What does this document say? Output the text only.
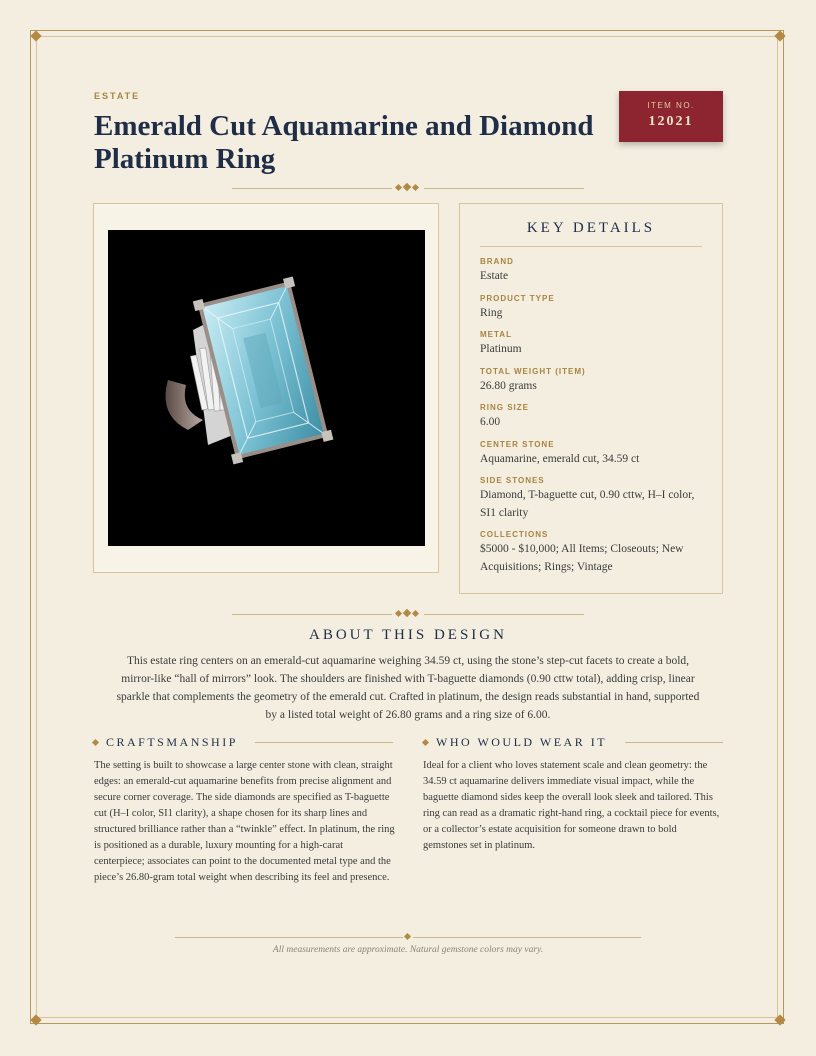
ESTATE
Emerald Cut Aquamarine and Diamond Platinum Ring
ITEM NO.
12021
KEY DETAILS
BRAND
Estate
PRODUCT TYPE
Ring
METAL
Platinum
TOTAL WEIGHT (ITEM)
26.80 grams
RING SIZE
6.00
CENTER STONE
Aquamarine, emerald cut, 34.59 ct
SIDE STONES
Diamond, T-baguette cut, 0.90 cttw, H–I color, SI1 clarity
COLLECTIONS
$5000 - $10,000; All Items; Closeouts; New Acquisitions; Rings; Vintage
ABOUT THIS DESIGN
This estate ring centers on an emerald-cut aquamarine weighing 34.59 ct, using the stone’s step-cut facets to create a bold, mirror-like “hall of mirrors” look. The shoulders are finished with T-baguette diamonds (0.90 cttw total), adding crisp, linear sparkle that complements the geometry of the emerald cut. Crafted in platinum, the design reads substantial in hand, supported by a listed total weight of 26.80 grams and a ring size of 6.00.
CRAFTSMANSHIP
The setting is built to showcase a large center stone with clean, straight edges: an emerald-cut aquamarine benefits from precise alignment and secure corner coverage. The side diamonds are specified as T-baguette cut (H–I color, SI1 clarity), a shape chosen for its sharp lines and structured brilliance rather than a “twinkle” effect. In platinum, the ring is positioned as a durable, luxury mounting for a high-carat centerpiece; associates can point to the documented metal type and the piece’s 26.80-gram total weight when describing its feel and presence.
WHO WOULD WEAR IT
Ideal for a client who loves statement scale and clean geometry: the 34.59 ct aquamarine delivers immediate visual impact, while the baguette diamond sides keep the overall look sleek and tailored. This ring can read as a dramatic right-hand ring, a cocktail piece for events, or a collector’s estate acquisition for someone drawn to bold gemstones set in platinum.
All measurements are approximate. Natural gemstone colors may vary.
